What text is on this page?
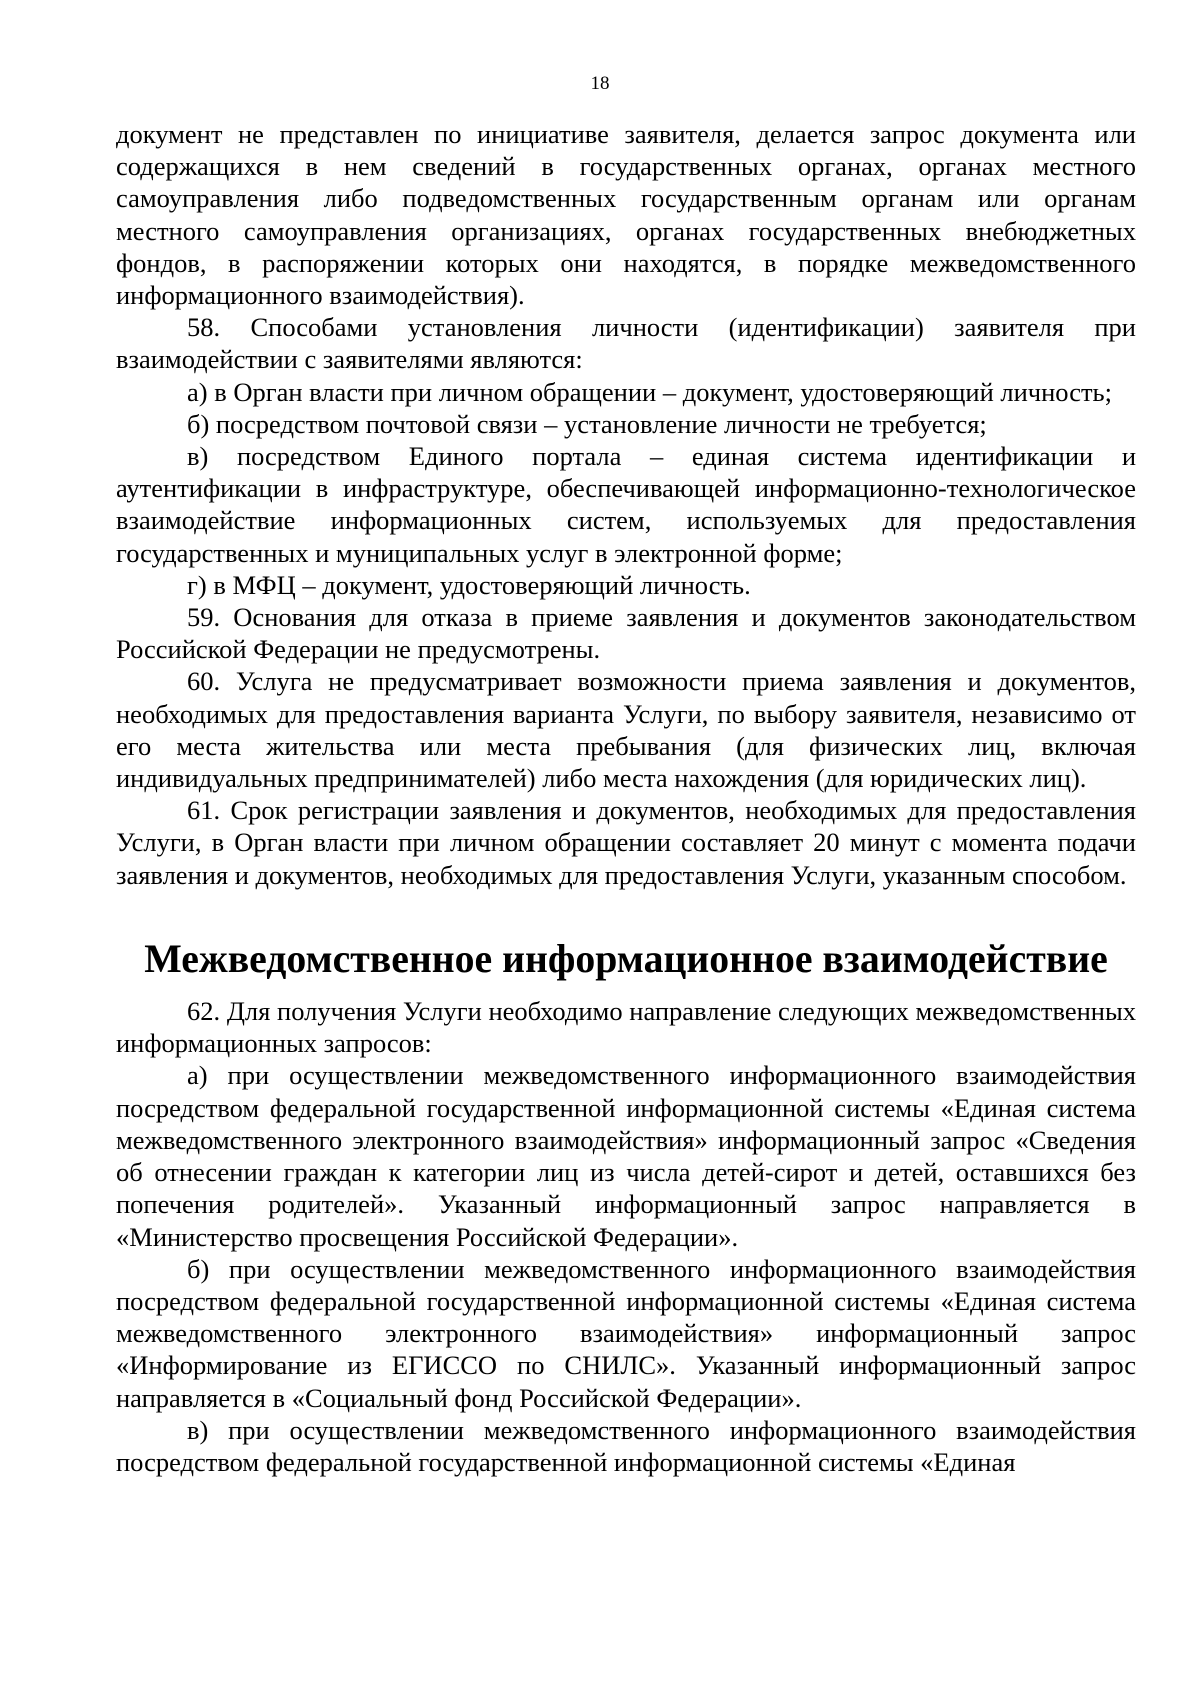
18

документ не представлен по инициативе заявителя, делается запрос документа или содержащихся в нем сведений в государственных органах, органах местного самоуправления либо подведомственных государственным органам или органам местного самоуправления организациях, органах государственных внебюджетных фондов, в распоряжении которых они находятся, в порядке межведомственного информационного взаимодействия).

58. Способами установления личности (идентификации) заявителя при взаимодействии с заявителями являются:

а) в Орган власти при личном обращении – документ, удостоверяющий личность;

б) посредством почтовой связи – установление личности не требуется;

в) посредством Единого портала – единая система идентификации и аутентификации в инфраструктуре, обеспечивающей информационно-технологическое взаимодействие информационных систем, используемых для предоставления государственных и муниципальных услуг в электронной форме;

г) в МФЦ – документ, удостоверяющий личность.

59. Основания для отказа в приеме заявления и документов законодательством Российской Федерации не предусмотрены.

60. Услуга не предусматривает возможности приема заявления и документов, необходимых для предоставления варианта Услуги, по выбору заявителя, независимо от его места жительства или места пребывания (для физических лиц, включая индивидуальных предпринимателей) либо места нахождения (для юридических лиц).

61. Срок регистрации заявления и документов, необходимых для предоставления Услуги, в Орган власти при личном обращении составляет 20 минут с момента подачи заявления и документов, необходимых для предоставления Услуги, указанным способом.

Межведомственное информационное взаимодействие

62. Для получения Услуги необходимо направление следующих межведомственных информационных запросов:

а) при осуществлении межведомственного информационного взаимодействия посредством федеральной государственной информационной системы «Единая система межведомственного электронного взаимодействия» информационный запрос «Сведения об отнесении граждан к категории лиц из числа детей-сирот и детей, оставшихся без попечения родителей». Указанный информационный запрос направляется в «Министерство просвещения Российской Федерации».

б) при осуществлении межведомственного информационного взаимодействия посредством федеральной государственной информационной системы «Единая система межведомственного электронного взаимодействия» информационный запрос «Информирование из ЕГИССО по СНИЛС». Указанный информационный запрос направляется в «Социальный фонд Российской Федерации».

в) при осуществлении межведомственного информационного взаимодействия посредством федеральной государственной информационной системы «Единая
